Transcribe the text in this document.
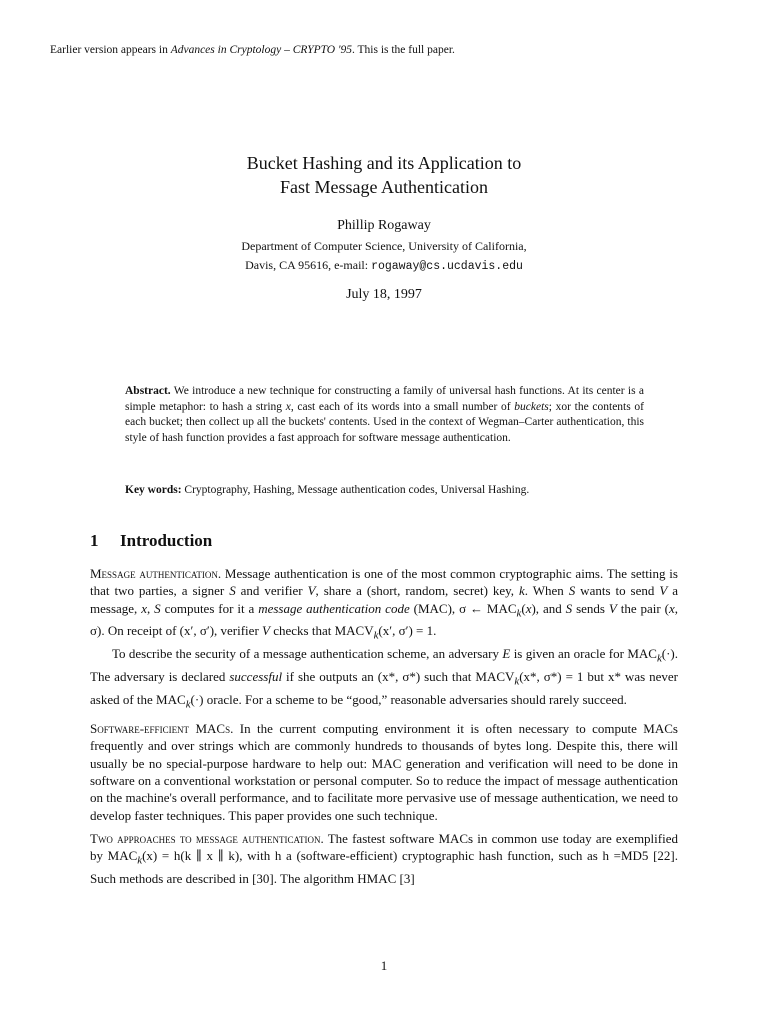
Earlier version appears in Advances in Cryptology – CRYPTO '95. This is the full paper.
Bucket Hashing and its Application to
Fast Message Authentication
Phillip Rogaway
Department of Computer Science, University of California,
Davis, CA 95616, e-mail: rogaway@cs.ucdavis.edu
July 18, 1997

Abstract. We introduce a new technique for constructing a family of universal hash functions. At its center is a simple metaphor: to hash a string x, cast each of its words into a small number of buckets; xor the contents of each bucket; then collect up all the buckets' contents. Used in the context of Wegman–Carter authentication, this style of hash function provides a fast approach for software message authentication.

Key words: Cryptography, Hashing, Message authentication codes, Universal Hashing.

1 Introduction

Message authentication. Message authentication is one of the most common cryptographic aims. The setting is that two parties, a signer S and verifier V, share a (short, random, secret) key, k. When S wants to send V a message, x, S computes for it a message authentication code (MAC), σ ← $MAC_k(x)$, and S sends V the pair (x, σ). On receipt of (x′, σ′), verifier V checks that $MACV_k(x'$, σ′) = 1.

To describe the security of a message authentication scheme, an adversary E is given an oracle for $MAC_k(\cdot)$. The adversary is declared successful if she outputs an (x*, σ*) such that $MACV_k(x*$, σ*) = 1 but x* was never asked of the $MAC_k(\cdot)$ oracle. For a scheme to be “good,” reasonable adversaries should rarely succeed.

Software-efficient MACs. In the current computing environment it is often necessary to compute MACs frequently and over strings which are commonly hundreds to thousands of bytes long. Despite this, there will usually be no special-purpose hardware to help out: MAC generation and verification will need to be done in software on a conventional workstation or personal computer. So to reduce the impact of message authentication on the machine's overall performance, and to facilitate more pervasive use of message authentication, we need to develop faster techniques. This paper provides one such technique.

Two approaches to message authentication. The fastest software MACs in common use today are exemplified by $MAC_k(x) = h(k$ ∥ x ∥ k), with h a (software-efficient) cryptographic hash function, such as h =MD5 [22]. Such methods are described in [30]. The algorithm HMAC [3]

1
